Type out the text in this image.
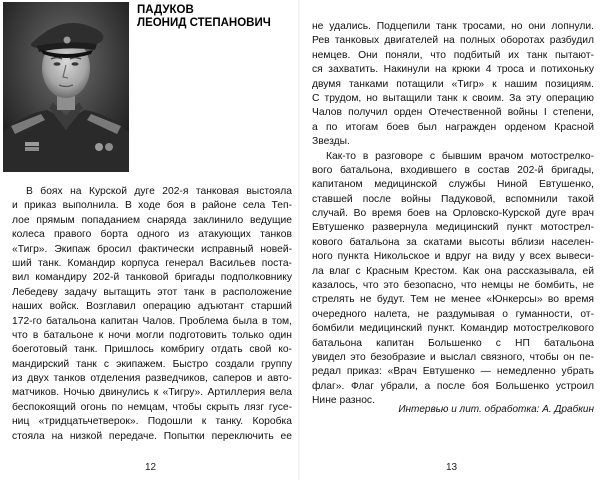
ПАДУКОВ
ЛЕОНИД СТЕПАНОВИЧ
В боях на Курской дуге 202-я танковая выстояла
и приказ выполнила. В ходе боя в районе села Теп-
лое прямым попаданием снаряда заклинило ведущие
колеса правого борта одного из атакующих танков
«Тигр». Экипаж бросил фактически исправный новей-
ший танк. Командир корпуса генерал Васильев поста-
вил командиру 202-й танковой бригады подполковнику
Лебедеву задачу вытащить этот танк в расположение
наших войск. Возглавил операцию адъютант старший
172-го батальона капитан Чалов. Проблема была в том,
что в батальоне к ночи могли подготовить только один
боеготовый танк. Пришлось комбригу отдать свой ко-
мандирский танк с экипажем. Быстро создали группу
из двух танков отделения разведчиков, саперов и авто-
матчиков. Ночью двинулись к «Тигру». Артиллерия вела
беспокоящий огонь по немцам, чтобы скрыть лязг гусе-
ниц «тридцатьчетверок». Подошли к танку. Коробка
стояла на низкой передаче. Попытки переключить ее
12
не удались. Подцепили танк тросами, но они лопнули.
Рев танковых двигателей на полных оборотах разбудил
немцев. Они поняли, что подбитый их танк пытают-
ся захватить. Накинули на крюки 4 троса и потихоньку
двумя танками потащили «Тигр» к нашим позициям.
С трудом, но вытащили танк к своим. За эту операцию
Чалов получил орден Отечественной войны I степени,
а по итогам боев был награжден орденом Красной
Звезды.
Как-то в разговоре с бывшим врачом мотострелко-
вого батальона, входившего в состав 202-й бригады,
капитаном медицинской службы Ниной Евтушенко,
ставшей после войны Падуковой, вспомнили такой
случай. Во время боев на Орловско-Курской дуге врач
Евтушенко развернула медицинский пункт мотострел-
кового батальона за скатами высоты вблизи населен-
ного пункта Никольское и вдруг на виду у всех вывеси-
ла влаг с Красным Крестом. Как она рассказывала, ей
казалось, что это безопасно, что немцы не бомбить, не
стрелять не будут. Тем не менее «Юнкерсы» во время
очередного налета, не раздумывая о гуманности, от-
бомбили медицинский пункт. Командир мотострелкового
батальона капитан Большенко с НП батальона
увидел это безобразие и выслал связного, чтобы он пе-
редал приказ: «Врач Евтушенко — немедленно убрать
флаг». Флаг убрали, а после боя Большенко устроил
Нине разнос.
Интервью и лит. обработка: А. Драбкин
13
